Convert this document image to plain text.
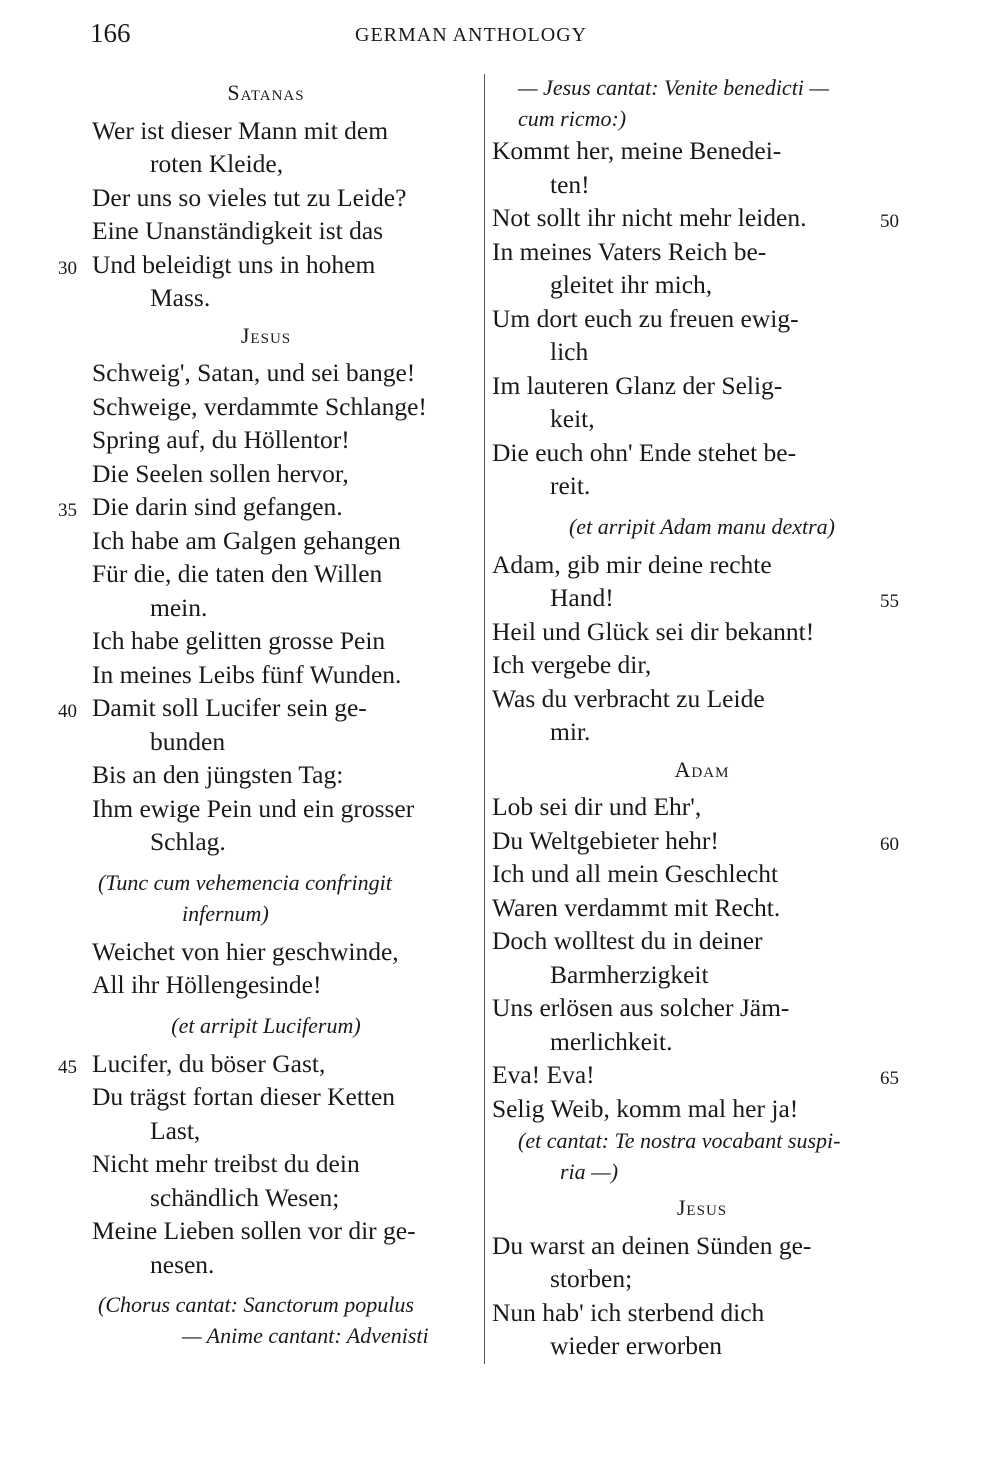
166	GERMAN ANTHOLOGY
Satanas
Wer ist dieser Mann mit dem
roten Kleide,
Der uns so vieles tut zu Leide?
Eine Unanständigkeit ist das
Und beleidigt uns in hohem
30
Mass.
Jesus
Schweig', Satan, und sei bange!
Schweige, verdammte Schlange!
Spring auf, du Höllentor!
Die Seelen sollen hervor,
Die darin sind gefangen.
35
Ich habe am Galgen gehangen
Für die, die taten den Willen
mein.
Ich habe gelitten grosse Pein
In meines Leibs fünf Wunden.
Damit soll Lucifer sein ge-
40
bunden
Bis an den jüngsten Tag:
Ihm ewige Pein und ein grosser
Schlag.
(Tunc cum vehemencia confringit
infernum)
Weichet von hier geschwinde,
All ihr Höllengesinde!
(et arripit Luciferum)
Lucifer, du böser Gast,
45
Du trägst fortan dieser Ketten
Last,
Nicht mehr treibst du dein
schändlich Wesen;
Meine Lieben sollen vor dir ge-
nesen.
(Chorus cantat: Sanctorum populus
— Anime cantant: Advenisti
— Jesus cantat: Venite benedicti —
cum ricmo:)
Kommt her, meine Benedei-
ten!
Not sollt ihr nicht mehr leiden.	50
In meines Vaters Reich be-
gleitet ihr mich,
Um dort euch zu freuen ewig-
lich
Im lauteren Glanz der Selig-
keit,
Die euch ohn' Ende stehet be-
reit.
(et arripit Adam manu dextra)
Adam, gib mir deine rechte
Hand!	55
Heil und Glück sei dir bekannt!
Ich vergebe dir,
Was du verbracht zu Leide
mir.
Adam
Lob sei dir und Ehr',
Du Weltgebieter hehr!	60
Ich und all mein Geschlecht
Waren verdammt mit Recht.
Doch wolltest du in deiner
Barmherzigkeit
Uns erlösen aus solcher Jäm-
merlichkeit.
Eva! Eva!	65
Selig Weib, komm mal her ja!
(et cantat: Te nostra vocabant suspi-
ria —)
Jesus
Du warst an deinen Sünden ge-
storben;
Nun hab' ich sterbend dich
wieder erworben
